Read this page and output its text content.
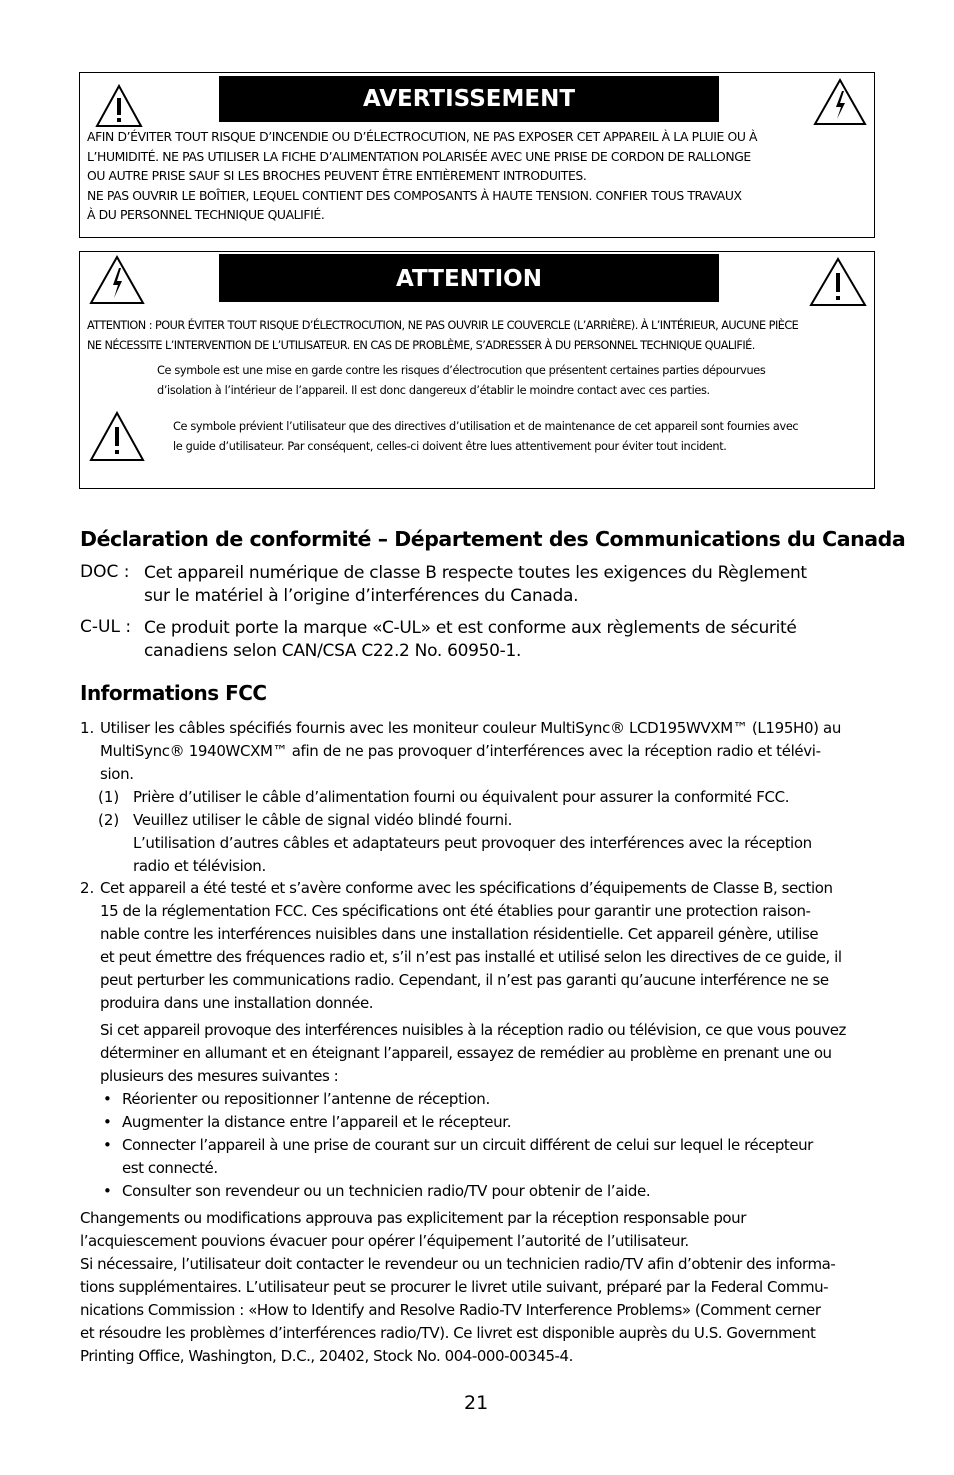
AVERTISSEMENT
AFIN D’ÉVITER TOUT RISQUE D’INCENDIE OU D’ÉLECTROCUTION, NE PAS EXPOSER CET APPAREIL À LA PLUIE OU À
L’HUMIDITÉ. NE PAS UTILISER LA FICHE D’ALIMENTATION POLARISÉE AVEC UNE PRISE DE CORDON DE RALLONGE
OU AUTRE PRISE SAUF SI LES BROCHES PEUVENT ÊTRE ENTIÈREMENT INTRODUITES.
NE PAS OUVRIR LE BOÎTIER, LEQUEL CONTIENT DES COMPOSANTS À HAUTE TENSION. CONFIER TOUS TRAVAUX
À DU PERSONNEL TECHNIQUE QUALIFIÉ.
ATTENTION
ATTENTION : POUR ÉVITER TOUT RISQUE D’ÉLECTROCUTION, NE PAS OUVRIR LE COUVERCLE (L’ARRIÈRE). À L’INTÉRIEUR, AUCUNE PIÈCE
NE NÉCESSITE L’INTERVENTION DE L’UTILISATEUR. EN CAS DE PROBLÈME, S’ADRESSER À DU PERSONNEL TECHNIQUE QUALIFIÉ.
Ce symbole est une mise en garde contre les risques d’électrocution que présentent certaines parties dépourvues
d’isolation à l’intérieur de l’appareil. Il est donc dangereux d’établir le moindre contact avec ces parties.
Ce symbole prévient l’utilisateur que des directives d’utilisation et de maintenance de cet appareil sont fournies avec
le guide d’utilisateur. Par conséquent, celles-ci doivent être lues attentivement pour éviter tout incident.
Déclaration de conformité – Département des Communications du Canada
DOC : Cet appareil numérique de classe B respecte toutes les exigences du Règlement
sur le matériel à l’origine d’interférences du Canada.
C-UL : Ce produit porte la marque «C-UL» et est conforme aux règlements de sécurité
canadiens selon CAN/CSA C22.2 No. 60950-1.
Informations FCC
1. Utiliser les câbles spécifiés fournis avec les moniteur couleur MultiSync® LCD195WVXM™ (L195H0) au
MultiSync® 1940WCXM™ afin de ne pas provoquer d’interférences avec la réception radio et télévi-
sion.
(1) Prière d’utiliser le câble d’alimentation fourni ou équivalent pour assurer la conformité FCC.
(2) Veuillez utiliser le câble de signal vidéo blindé fourni.
L’utilisation d’autres câbles et adaptateurs peut provoquer des interférences avec la réception
radio et télévision.
2. Cet appareil a été testé et s’avère conforme avec les spécifications d’équipements de Classe B, section
15 de la réglementation FCC. Ces spécifications ont été établies pour garantir une protection raison-
nable contre les interférences nuisibles dans une installation résidentielle. Cet appareil génère, utilise
et peut émettre des fréquences radio et, s’il n’est pas installé et utilisé selon les directives de ce guide, il
peut perturber les communications radio. Cependant, il n’est pas garanti qu’aucune interférence ne se
produira dans une installation donnée.
Si cet appareil provoque des interférences nuisibles à la réception radio ou télévision, ce que vous pouvez
déterminer en allumant et en éteignant l’appareil, essayez de remédier au problème en prenant une ou
plusieurs des mesures suivantes :
• Réorienter ou repositionner l’antenne de réception.
• Augmenter la distance entre l’appareil et le récepteur.
• Connecter l’appareil à une prise de courant sur un circuit différent de celui sur lequel le récepteur
est connecté.
• Consulter son revendeur ou un technicien radio/TV pour obtenir de l’aide.
Changements ou modifications approuva pas explicitement par la réception responsable pour
l’acquiescement pouvions évacuer pour opérer l’équipement l’autorité de l’utilisateur.
Si nécessaire, l’utilisateur doit contacter le revendeur ou un technicien radio/TV afin d’obtenir des informa-
tions supplémentaires. L’utilisateur peut se procurer le livret utile suivant, préparé par la Federal Commu-
nications Commission : «How to Identify and Resolve Radio-TV Interference Problems» (Comment cerner
et résoudre les problèmes d’interférences radio/TV). Ce livret est disponible auprès du U.S. Government
Printing Office, Washington, D.C., 20402, Stock No. 004-000-00345-4.
21
